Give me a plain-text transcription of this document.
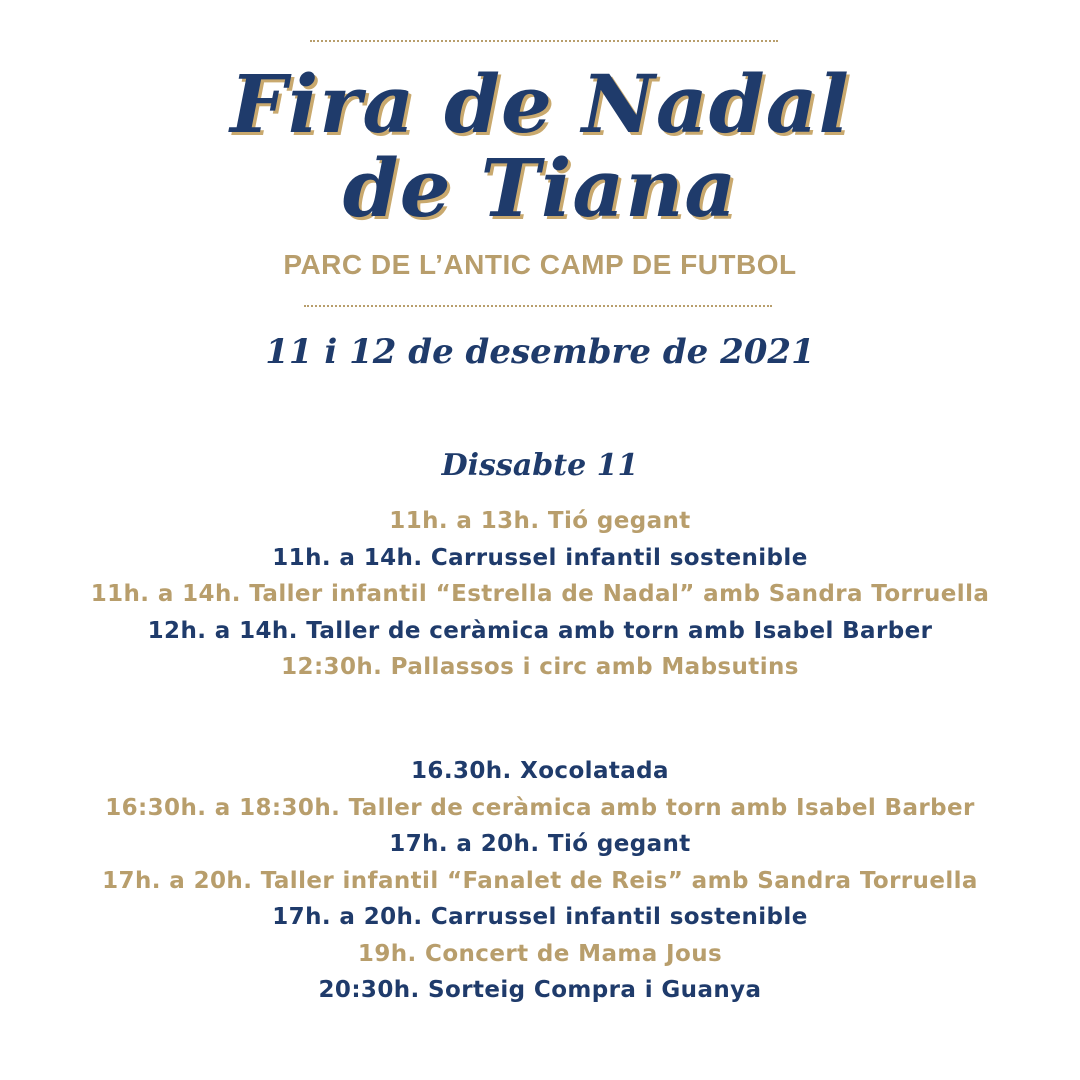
Fira de Nadal
de Tiana
PARC DE L’ANTIC CAMP DE FUTBOL
11 i 12 de desembre de 2021
Dissabte 11
11h. a 13h. Tió gegant
11h. a 14h. Carrussel infantil sostenible
11h. a 14h. Taller infantil “Estrella de Nadal” amb Sandra Torruella
12h. a 14h. Taller de ceràmica amb torn amb Isabel Barber
12:30h. Pallassos i circ amb Mabsutins
16.30h. Xocolatada
16:30h. a 18:30h. Taller de ceràmica amb torn amb Isabel Barber
17h. a 20h. Tió gegant
17h. a 20h. Taller infantil “Fanalet de Reis” amb Sandra Torruella
17h. a 20h. Carrussel infantil sostenible
19h. Concert de Mama Jous
20:30h. Sorteig Compra i Guanya
